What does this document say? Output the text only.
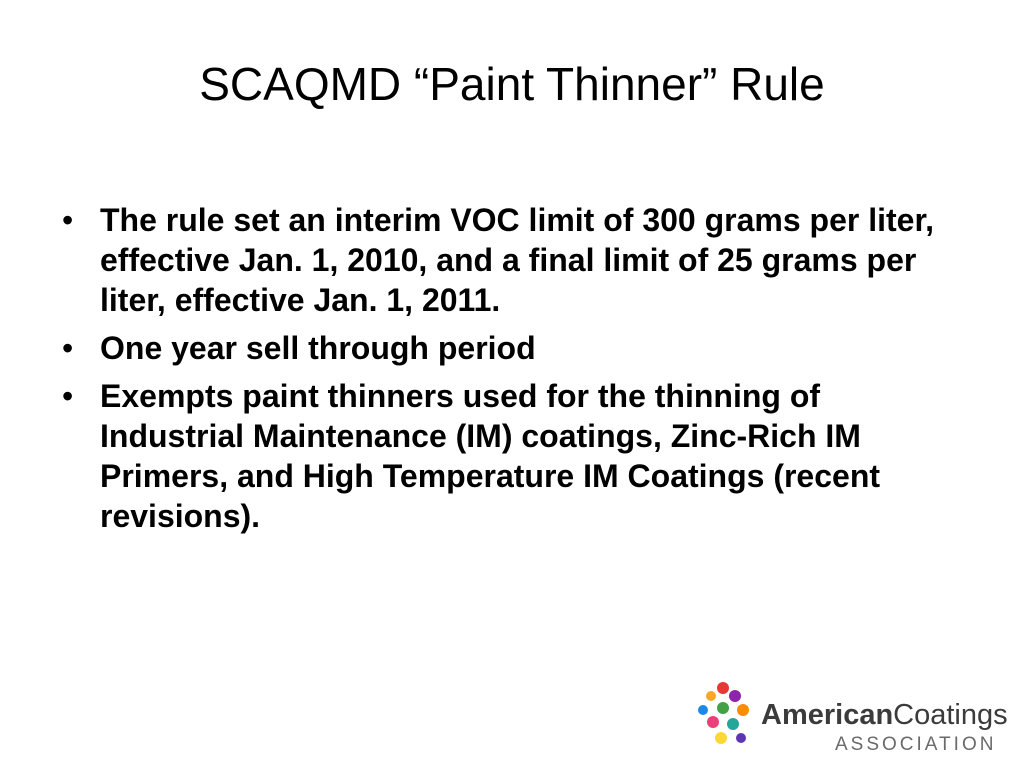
SCAQMD “Paint Thinner” Rule
• The rule set an interim VOC limit of 300 grams per liter, effective Jan. 1, 2010, and a final limit of 25 grams per liter, effective Jan. 1, 2011.
• One year sell through period
• Exempts paint thinners used for the thinning of Industrial Maintenance (IM) coatings, Zinc-Rich IM Primers, and High Temperature IM Coatings (recent revisions).
AmericanCoatings
ASSOCIATION
